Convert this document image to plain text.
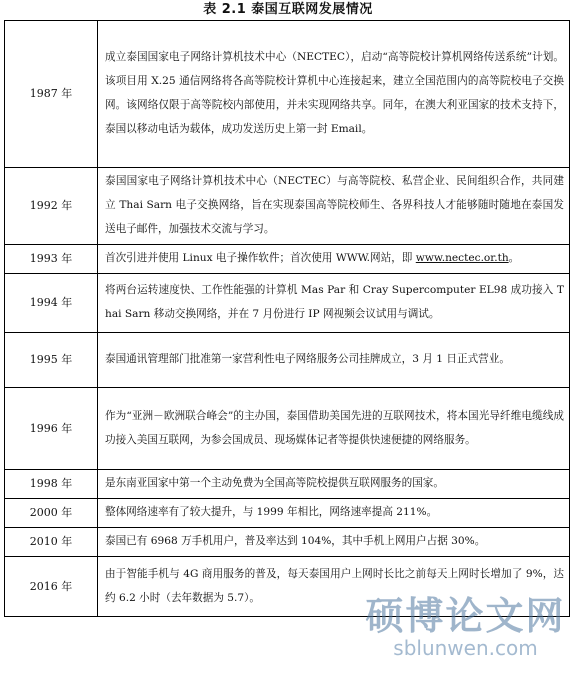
表 2.1 泰国互联网发展情况
1987 年	成立泰国国家电子网络计算机技术中心（NECTEC），启动“高等院校计算机网络传送系统”计划。该项目用 X.25 通信网络将各高等院校计算机中心连接起来，建立全国范围内的高等院校电子交换网。该网络仅限于高等院校内部使用，并未实现网络共享。同年，在澳大利亚国家的技术支持下，泰国以移动电话为载体，成功发送历史上第一封 Email。
1992 年	泰国国家电子网络计算机技术中心（NECTEC）与高等院校、私营企业、民间组织合作，共同建立 Thai Sarn 电子交换网络，旨在实现泰国高等院校师生、各界科技人才能够随时随地在泰国发送电子邮件，加强技术交流与学习。
1993 年	首次引进并使用 Linux 电子操作软件；首次使用 WWW.网站，即 www.nectec.or.th。
1994 年	将两台运转速度快、工作性能强的计算机 Mas Par 和 Cray Supercomputer EL98 成功接入 Thai Sarn 移动交换网络，并在 7 月份进行 IP 网视频会议试用与调试。
1995 年	泰国通讯管理部门批准第一家营利性电子网络服务公司挂牌成立，3 月 1 日正式营业。
1996 年	作为“亚洲－欧洲联合峰会”的主办国，泰国借助美国先进的互联网技术，将本国光导纤维电缆线成功接入美国互联网，为参会国成员、现场媒体记者等提供快速便捷的网络服务。
1998 年	是东南亚国家中第一个主动免费为全国高等院校提供互联网服务的国家。
2000 年	整体网络速率有了较大提升，与 1999 年相比，网络速率提高 211%。
2010 年	泰国已有 6968 万手机用户，普及率达到 104%，其中手机上网用户占据 30%。
2016 年	由于智能手机与 4G 商用服务的普及，每天泰国用户上网时长比之前每天上网时长增加了 9%，达约 6.2 小时（去年数据为 5.7）。	硕博论文网
sblunwen.com
